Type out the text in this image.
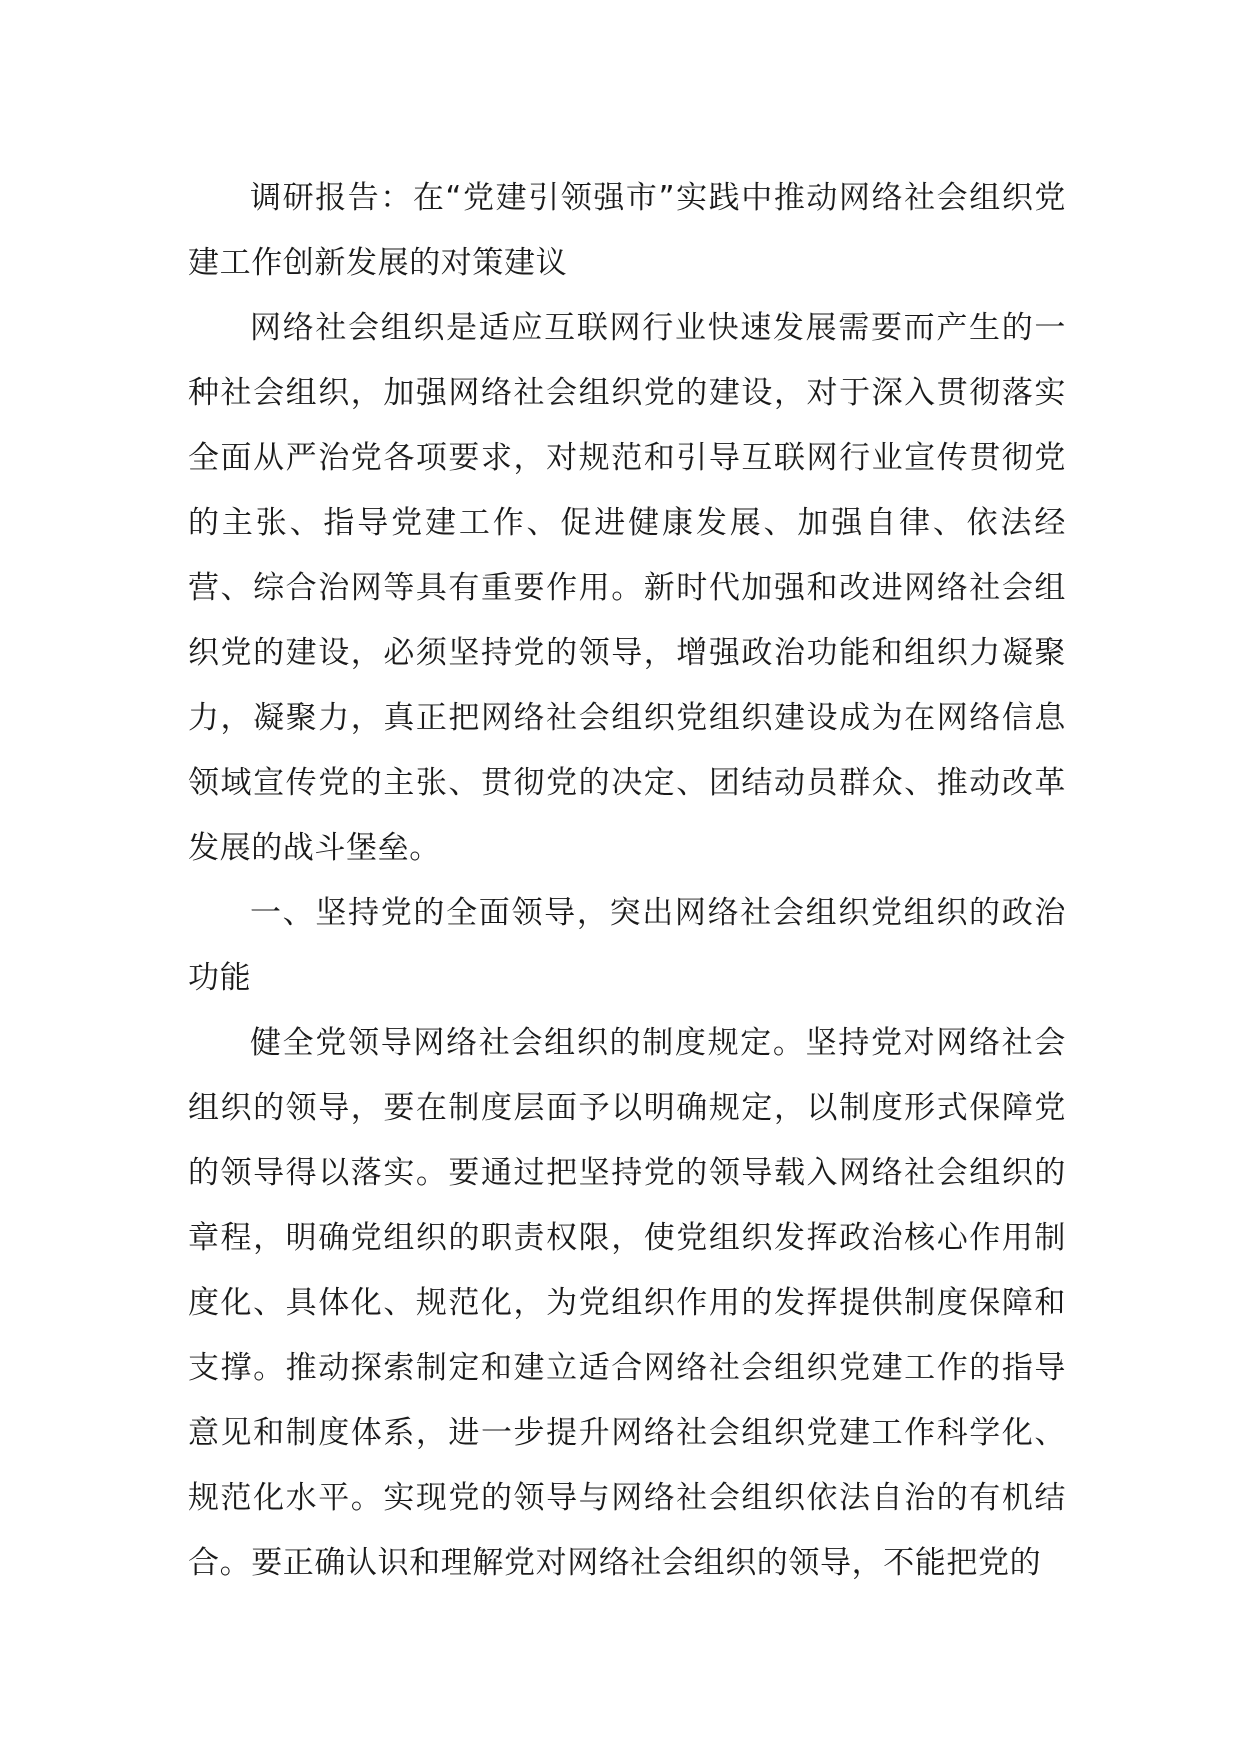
调研报告：在“党建引领强市”实践中推动网络社会组织党建工作创新发展的对策建议

网络社会组织是适应互联网行业快速发展需要而产生的一种社会组织，加强网络社会组织党的建设，对于深入贯彻落实全面从严治党各项要求，对规范和引导互联网行业宣传贯彻党的主张、指导党建工作、促进健康发展、加强自律、依法经营、综合治网等具有重要作用。新时代加强和改进网络社会组织党的建设，必须坚持党的领导，增强政治功能和组织力凝聚力，凝聚力，真正把网络社会组织党组织建设成为在网络信息领域宣传党的主张、贯彻党的决定、团结动员群众、推动改革发展的战斗堡垒。

一、坚持党的全面领导，突出网络社会组织党组织的政治功能

健全党领导网络社会组织的制度规定。坚持党对网络社会组织的领导，要在制度层面予以明确规定，以制度形式保障党的领导得以落实。要通过把坚持党的领导载入网络社会组织的章程，明确党组织的职责权限，使党组织发挥政治核心作用制度化、具体化、规范化，为党组织作用的发挥提供制度保障和支撑。推动探索制定和建立适合网络社会组织党建工作的指导意见和制度体系，进一步提升网络社会组织党建工作科学化、规范化水平。实现党的领导与网络社会组织依法自治的有机结合。要正确认识和理解党对网络社会组织的领导，不能把党的
